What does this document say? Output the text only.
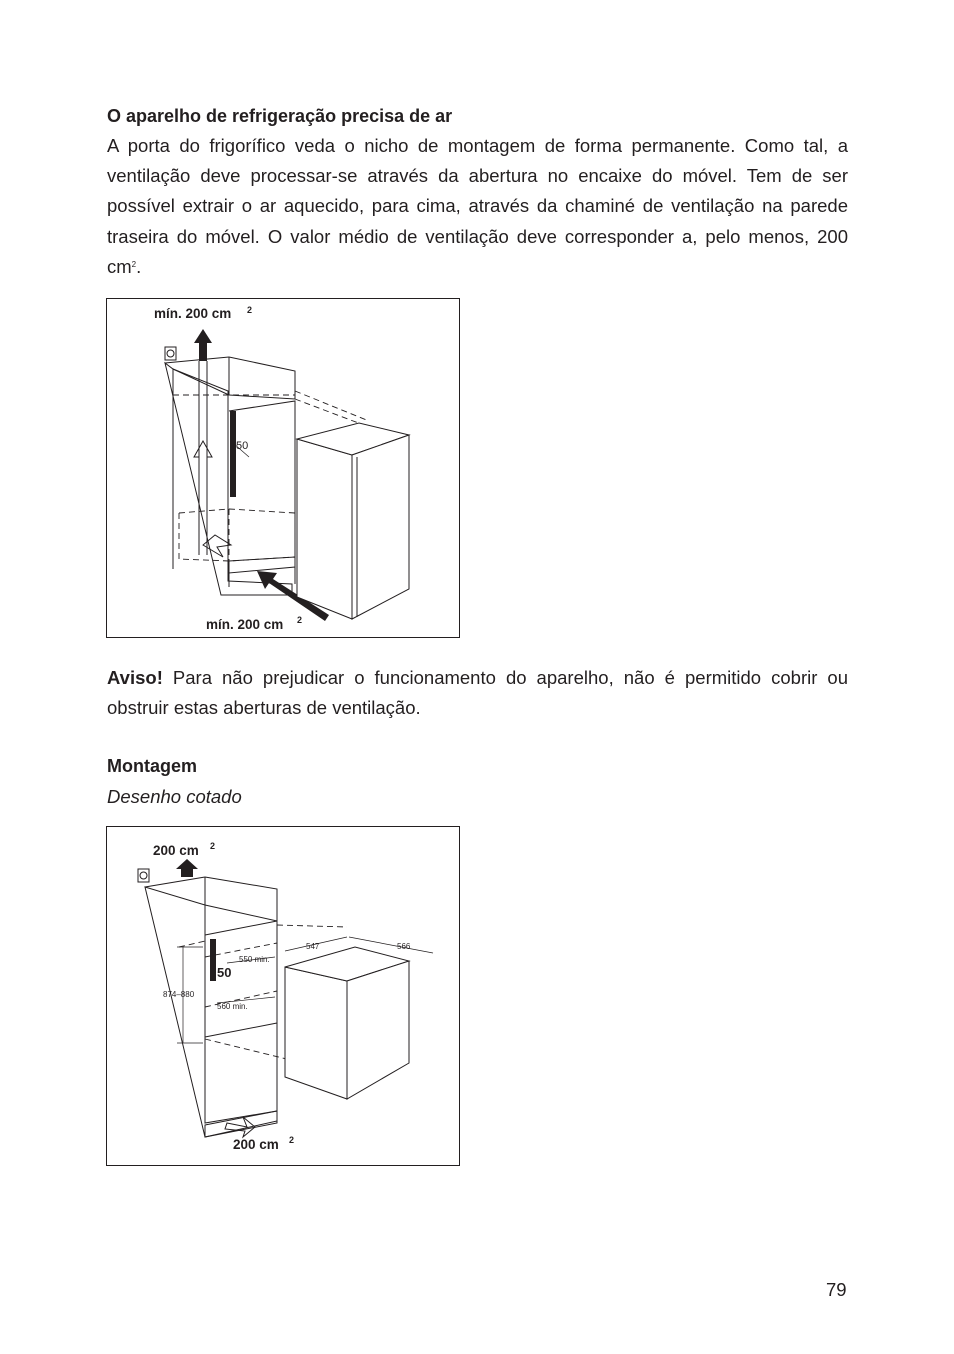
O aparelho de refrigeração precisa de ar
A porta do frigorífico veda o nicho de montagem de forma permanente. Como tal, a ventilação deve processar-se através da abertura no encaixe do móvel. Tem de ser possível extrair o ar aquecido, para cima, através da chaminé de ventilação na parede traseira do móvel. O valor médio de ventilação deve corresponder a, pelo menos, 200 $cm^2$.
mín. 200 cm 2
mín. 200 cm 2
50
Aviso! Para não prejudicar o funcionamento do aparelho, não é permitido cobrir ou obstruir estas aberturas de ventilação.
Montagem
Desenho cotado
200 cm 2
200 cm 2
50
874–880
550 min.
560 min.
547	566
79
